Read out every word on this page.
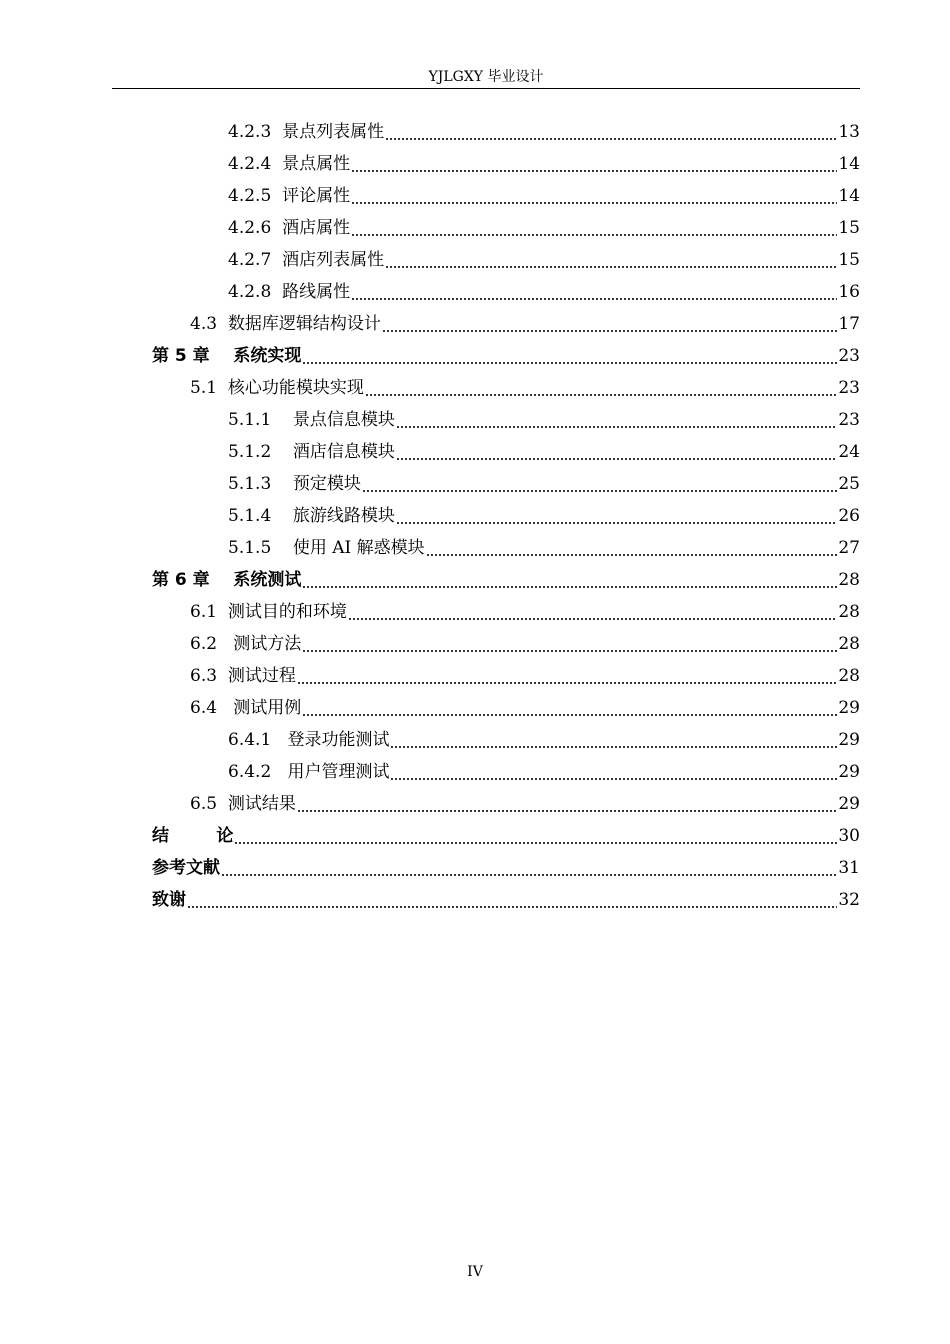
YJLGXY 毕业设计
4.2.3 景点列表属性	13
4.2.4 景点属性	14
4.2.5 评论属性	14
4.2.6 酒店属性	15
4.2.7 酒店列表属性	15
4.2.8 路线属性	16
4.3 数据库逻辑结构设计	17
第 5 章 系统实现	23
5.1 核心功能模块实现	23
5.1.1 景点信息模块	23
5.1.2 酒店信息模块	24
5.1.3 预定模块	25
5.1.4 旅游线路模块	26
5.1.5 使用 AI 解惑模块	27
第 6 章 系统测试	28
6.1 测试目的和环境	28
6.2 测试方法	28
6.3 测试过程	28
6.4 测试用例	29
6.4.1 登录功能测试	29
6.4.2 用户管理测试	29
6.5 测试结果	29
结        论	30
参考文献	31
致谢	32
IV
